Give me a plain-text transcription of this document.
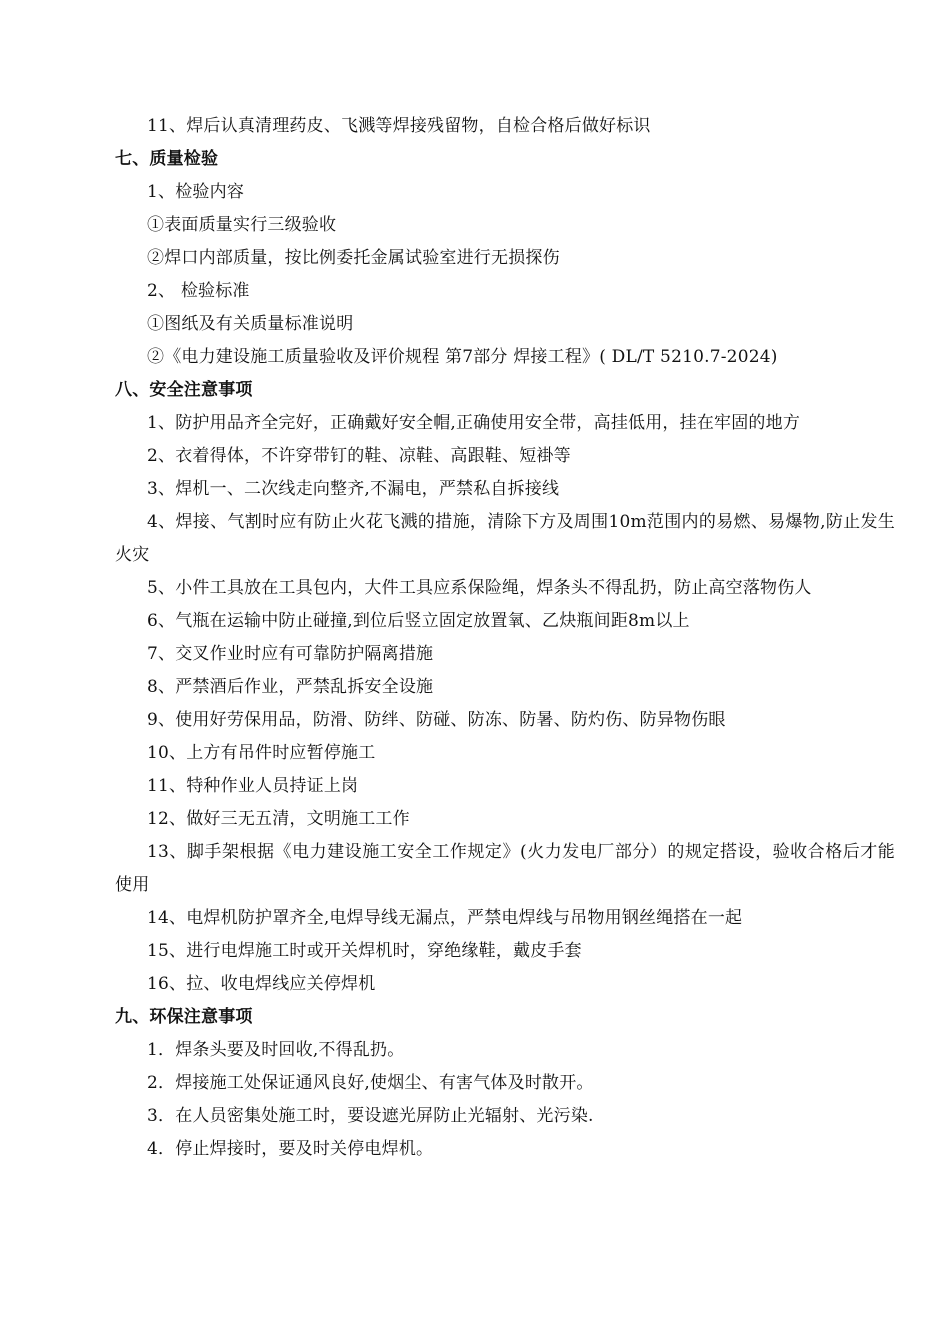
11、焊后认真清理药皮、飞溅等焊接残留物，自检合格后做好标识
七、质量检验
1、检验内容
①表面质量实行三级验收
②焊口内部质量，按比例委托金属试验室进行无损探伤
2、 检验标准
①图纸及有关质量标准说明
②《电力建设施工质量验收及评价规程 第7部分 焊接工程》( DL/T 5210.7-2024)
八、安全注意事项
1、防护用品齐全完好，正确戴好安全帽,正确使用安全带，高挂低用，挂在牢固的地方
2、衣着得体，不许穿带钉的鞋、凉鞋、高跟鞋、短褂等
3、焊机一、二次线走向整齐,不漏电，严禁私自拆接线
4、焊接、气割时应有防止火花飞溅的措施，清除下方及周围10m范围内的易燃、易爆物,防止发生火灾
5、小件工具放在工具包内，大件工具应系保险绳，焊条头不得乱扔，防止高空落物伤人
6、气瓶在运输中防止碰撞,到位后竖立固定放置氧、乙炔瓶间距8m以上
7、交叉作业时应有可靠防护隔离措施
8、严禁酒后作业，严禁乱拆安全设施
9、使用好劳保用品，防滑、防绊、防碰、防冻、防暑、防灼伤、防异物伤眼
10、上方有吊件时应暂停施工
11、特种作业人员持证上岗
12、做好三无五清，文明施工工作
13、脚手架根据《电力建设施工安全工作规定》(火力发电厂部分）的规定搭设，验收合格后才能使用
14、电焊机防护罩齐全,电焊导线无漏点，严禁电焊线与吊物用钢丝绳搭在一起
15、进行电焊施工时或开关焊机时，穿绝缘鞋，戴皮手套
16、拉、收电焊线应关停焊机
九、环保注意事项
1．焊条头要及时回收,不得乱扔。
2．焊接施工处保证通风良好,使烟尘、有害气体及时散开。
3．在人员密集处施工时，要设遮光屏防止光辐射、光污染.
4．停止焊接时，要及时关停电焊机。
